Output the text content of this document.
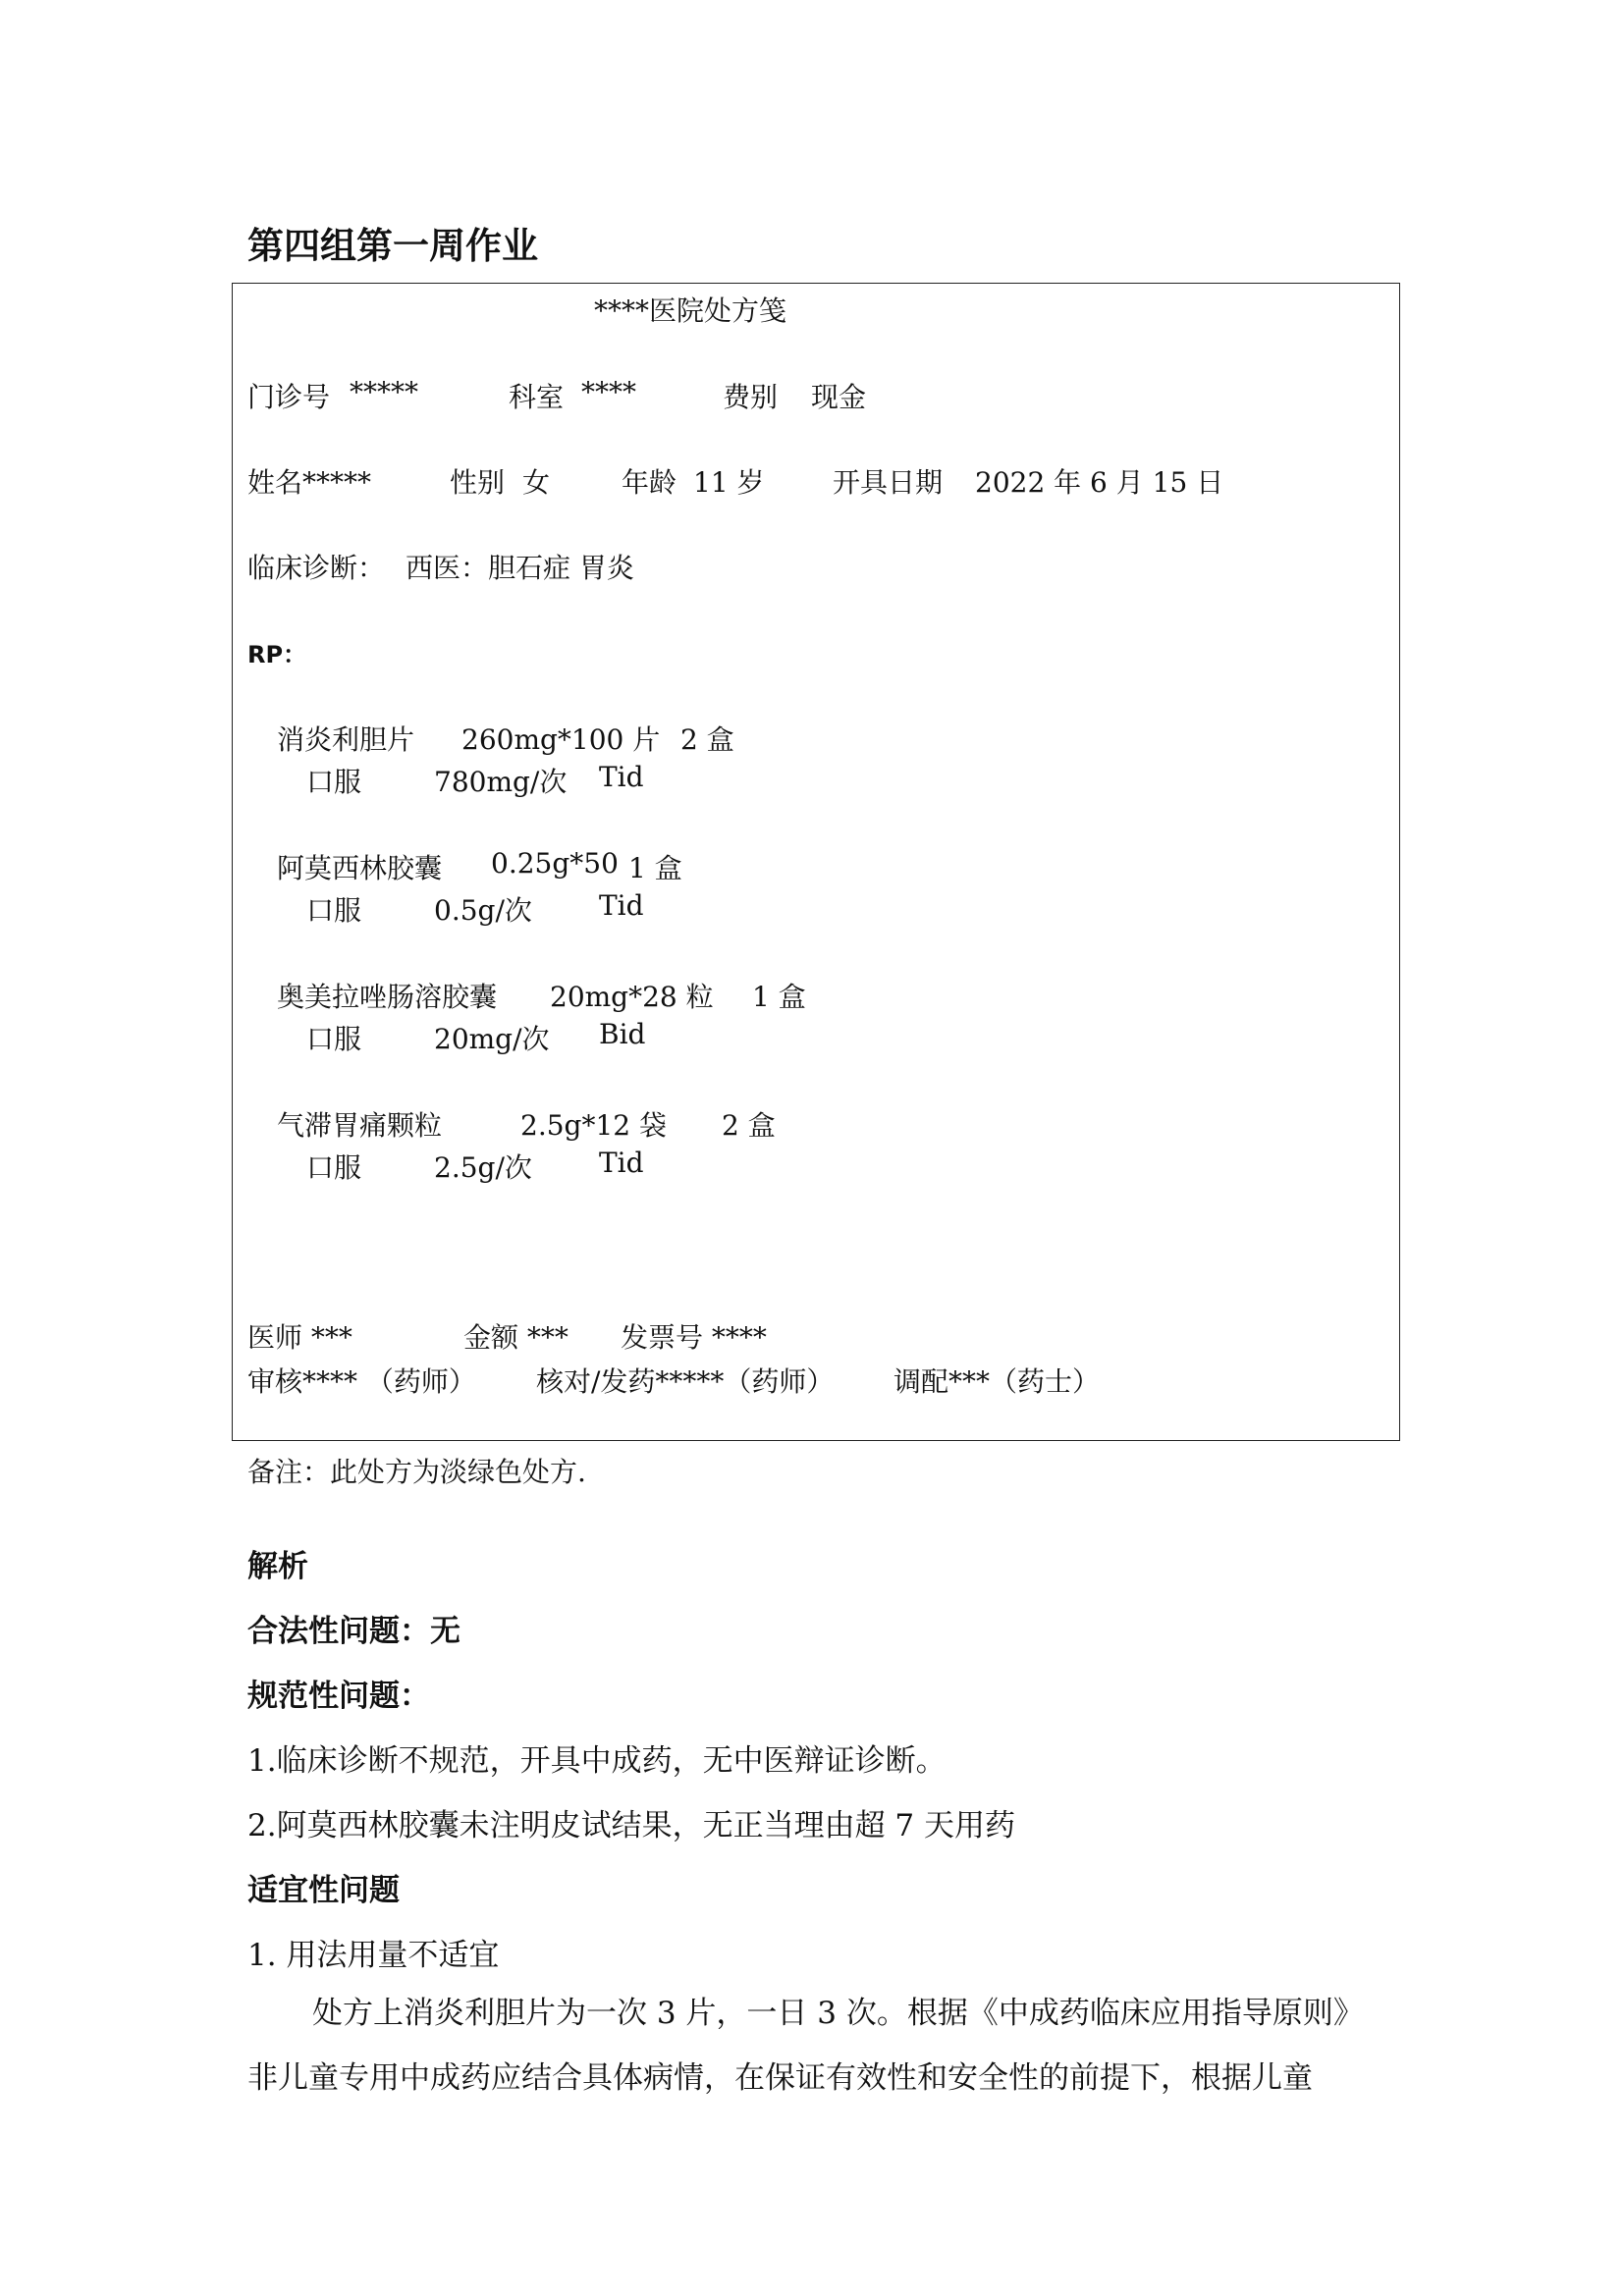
第四组第一周作业
****医院处方笺
门诊号 *****	科室 ****	费别 现金
姓名*****	性别 女	年龄 11 岁 开具日期 2022 年 6 月 15 日
临床诊断： 西医：胆石症 胃炎
RP：
消炎利胆片 260mg*100 片 2 盒
口服	780mg/次 Tid
阿莫西林胶囊 0.25g*50 1 盒
口服	0.5g/次 Tid
奥美拉唑肠溶胶囊 20mg*28 粒 1 盒
口服	20mg/次 Bid
气滞胃痛颗粒	2.5g*12 袋 2 盒
口服	2.5g/次 Tid
医师 ***	金额 *** 发票号 ****
审核**** （药师） 核对/发药*****（药师） 调配***（药士）
备注：此处方为淡绿色处方.
解析
合法性问题：无
规范性问题：
1.临床诊断不规范，开具中成药，无中医辩证诊断。
2.阿莫西林胶囊未注明皮试结果，无正当理由超 7 天用药
适宜性问题
1. 用法用量不适宜
处方上消炎利胆片为一次 3 片，一日 3 次。根据《中成药临床应用指导原则》非儿童专用中成药应结合具体病情，在保证有效性和安全性的前提下，根据儿童
